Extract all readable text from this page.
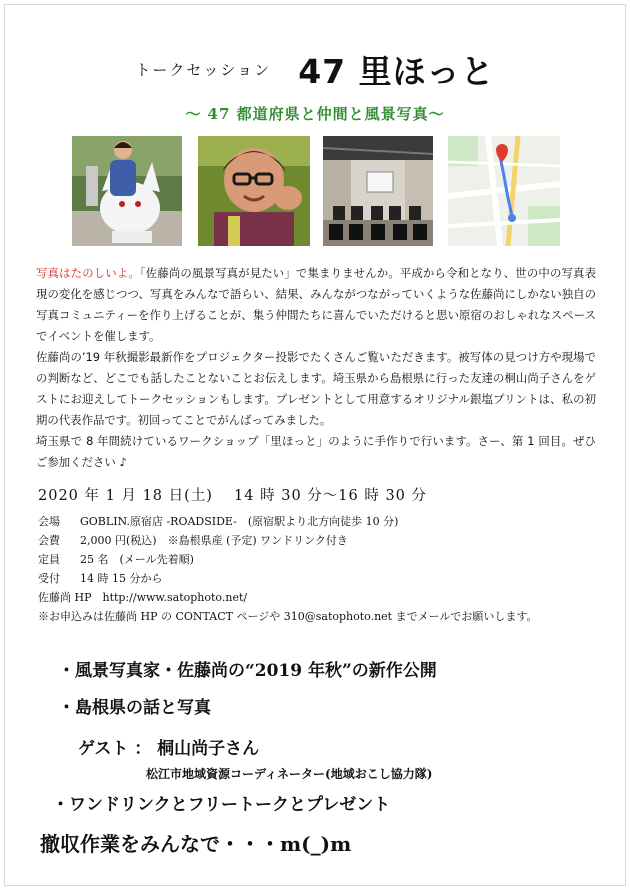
トークセッション 47 里ほっと
～ 47 都道府県と仲間と風景写真～

写真はたのしいよ。「佐藤尚の風景写真が見たい」で集まりませんか。平成から令和となり、世の中の写真表現の変化を感じつつ、写真をみんなで語らい、結果、みんながつながっていくような佐藤尚にしかない独自の写真コミュニティーを作り上げることが、集う仲間たちに喜んでいただけると思い原宿のおしゃれなスペースでイベントを催します。

佐藤尚の’19 年秋撮影最新作をプロジェクター投影でたくさんご覧いただきます。被写体の見つけ方や現場での判断など、どこでも話したことないことお伝えします。埼玉県から島根県に行った友達の桐山尚子さんをゲストにお迎えしてトークセッションもします。プレゼントとして用意するオリジナル銀塩プリントは、私の初期の代表作品です。初回ってことでがんばってみました。

埼玉県で 8 年間続けているワークショップ「里ほっと」のように手作りで行います。さー、第 1 回目。ぜひご参加ください ♪

2020 年 1 月 18 日(土)　 14 時 30 分～16 時 30 分
会場 GOBLIN.原宿店 -ROADSIDE-　(原宿駅より北方向徒歩 10 分)
会費 2,000 円(税込)　※島根県産 (予定) ワンドリンク付き
定員 25 名　(メール先着順)
受付 14 時 15 分から
佐藤尚 HP　http://www.satophoto.net/
※お申込みは佐藤尚 HP の CONTACT ページや 310@satophoto.net までメールでお願いします。
・風景写真家・佐藤尚の“2019 年秋”の新作公開
・島根県の話と写真
ゲスト ： 桐山尚子さん
松江市地域資源コーディネーター(地域おこし協力隊)
・ワンドリンクとフリートークとプレゼント
撤収作業をみんなで・・・m(_)m
